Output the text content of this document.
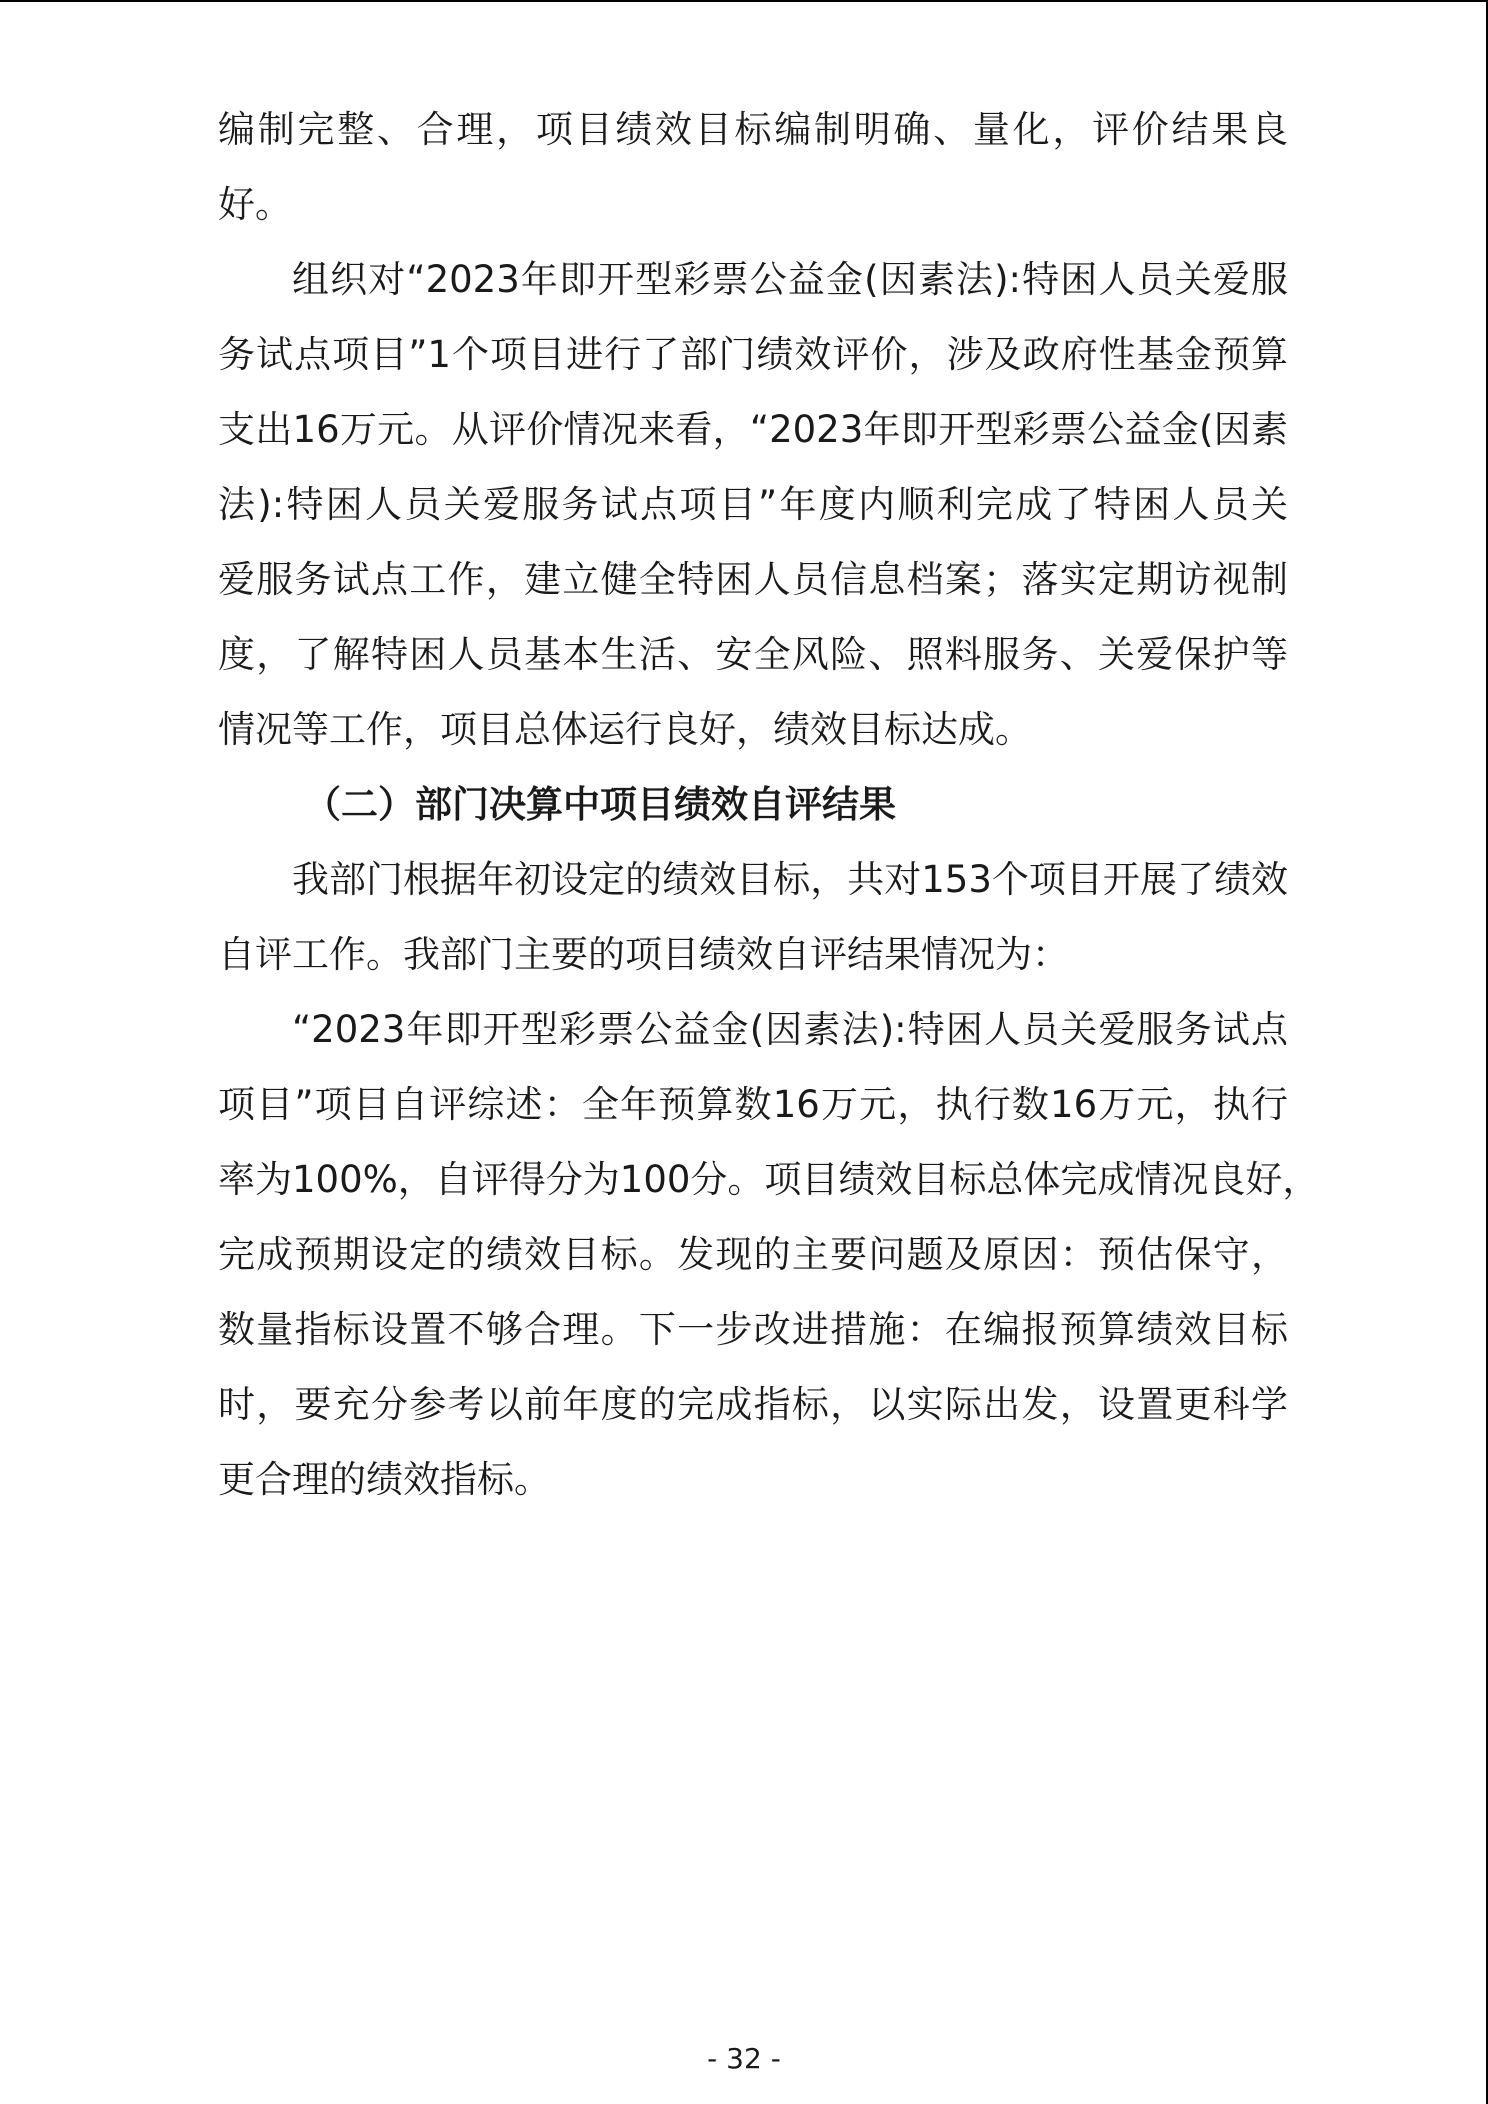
编制完整、合理，项目绩效目标编制明确、量化，评价结果良

好。

组织对“2023年即开型彩票公益金(因素法):特困人员关爱服

务试点项目”1个项目进行了部门绩效评价，涉及政府性基金预算

支出16万元。从评价情况来看，“2023年即开型彩票公益金(因素

法):特困人员关爱服务试点项目”年度内顺利完成了特困人员关

爱服务试点工作，建立健全特困人员信息档案；落实定期访视制

度，了解特困人员基本生活、安全风险、照料服务、关爱保护等

情况等工作，项目总体运行良好，绩效目标达成。

（二）部门决算中项目绩效自评结果

我部门根据年初设定的绩效目标，共对153个项目开展了绩效

自评工作。我部门主要的项目绩效自评结果情况为：

“2023年即开型彩票公益金(因素法):特困人员关爱服务试点

项目”项目自评综述：全年预算数16万元，执行数16万元，执行

率为100%，自评得分为100分。项目绩效目标总体完成情况良好，

完成预期设定的绩效目标。发现的主要问题及原因：预估保守，

数量指标设置不够合理。下一步改进措施：在编报预算绩效目标

时，要充分参考以前年度的完成指标，以实际出发，设置更科学

更合理的绩效指标。

- 32 -
